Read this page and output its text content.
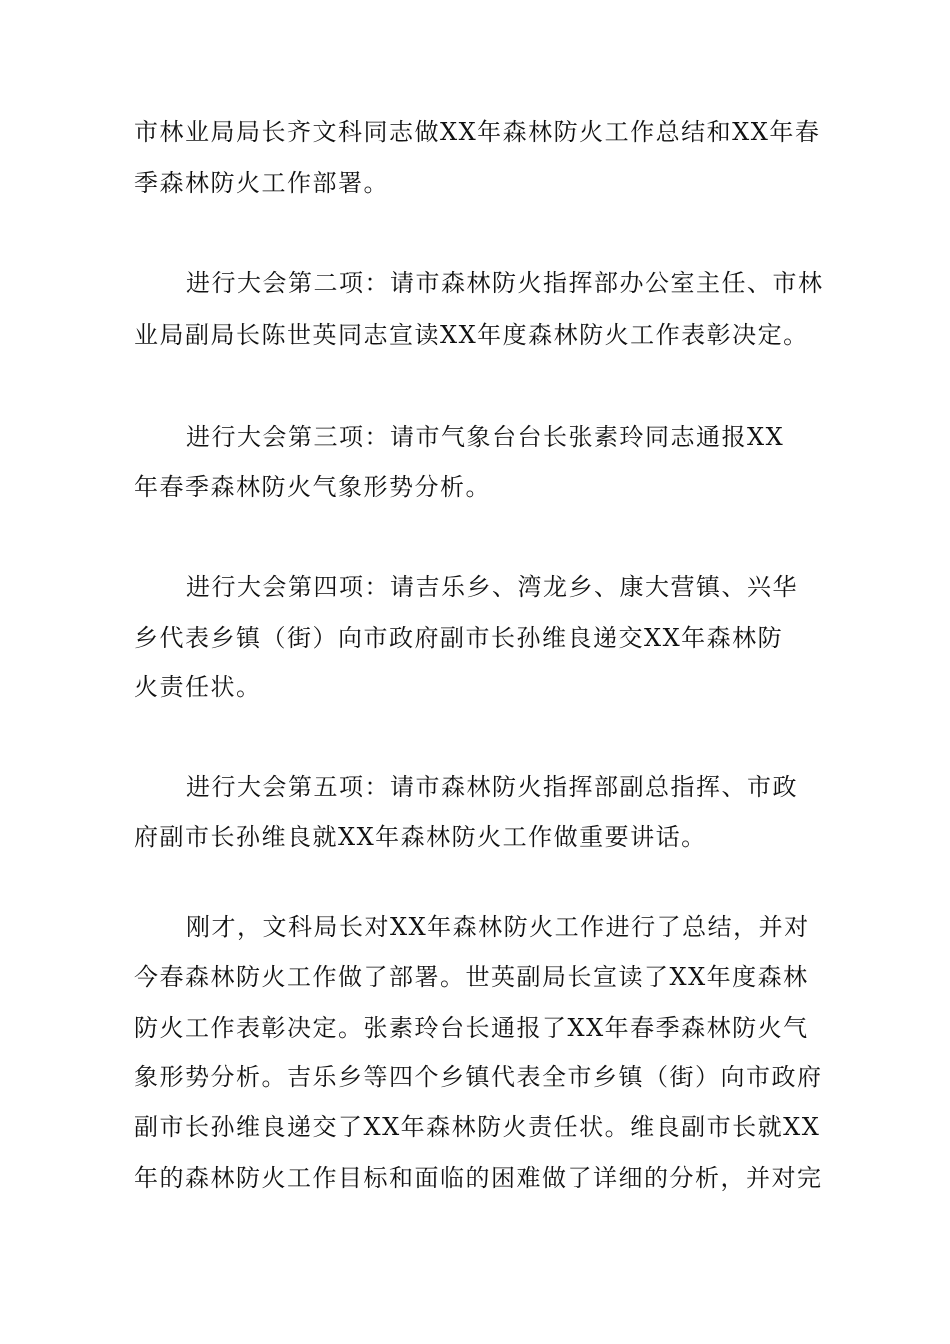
市林业局局长齐文科同志做XX年森林防火工作总结和XX年春
季森林防火工作部署。
进行大会第二项：请市森林防火指挥部办公室主任、市林
业局副局长陈世英同志宣读XX年度森林防火工作表彰决定。
进行大会第三项：请市气象台台长张素玲同志通报XX
年春季森林防火气象形势分析。
进行大会第四项：请吉乐乡、湾龙乡、康大营镇、兴华
乡代表乡镇（街）向市政府副市长孙维良递交XX年森林防
火责任状。
进行大会第五项：请市森林防火指挥部副总指挥、市政
府副市长孙维良就XX年森林防火工作做重要讲话。
刚才，文科局长对XX年森林防火工作进行了总结，并对
今春森林防火工作做了部署。世英副局长宣读了XX年度森林
防火工作表彰决定。张素玲台长通报了XX年春季森林防火气
象形势分析。吉乐乡等四个乡镇代表全市乡镇（街）向市政府
副市长孙维良递交了XX年森林防火责任状。维良副市长就XX
年的森林防火工作目标和面临的困难做了详细的分析，并对完
